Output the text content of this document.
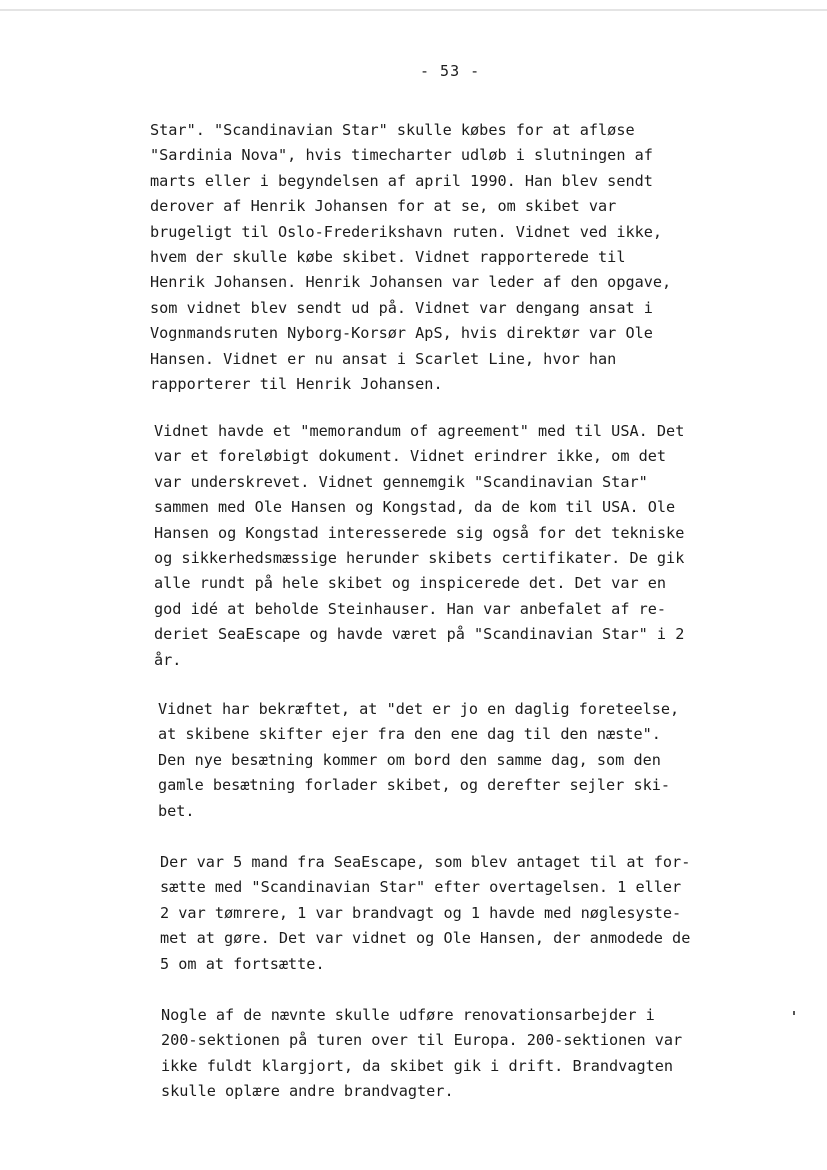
- 53 -
Star". "Scandinavian Star" skulle købes for at afløse
"Sardinia Nova", hvis timecharter udløb i slutningen af
marts eller i begyndelsen af april 1990. Han blev sendt
derover af Henrik Johansen for at se, om skibet var
brugeligt til Oslo-Frederikshavn ruten. Vidnet ved ikke,
hvem der skulle købe skibet. Vidnet rapporterede til
Henrik Johansen. Henrik Johansen var leder af den opgave,
som vidnet blev sendt ud på. Vidnet var dengang ansat i
Vognmandsruten Nyborg-Korsør ApS, hvis direktør var Ole
Hansen. Vidnet er nu ansat i Scarlet Line, hvor han
rapporterer til Henrik Johansen.
Vidnet havde et "memorandum of agreement" med til USA. Det
var et foreløbigt dokument. Vidnet erindrer ikke, om det
var underskrevet. Vidnet gennemgik "Scandinavian Star"
sammen med Ole Hansen og Kongstad, da de kom til USA. Ole
Hansen og Kongstad interesserede sig også for det tekniske
og sikkerhedsmæssige herunder skibets certifikater. De gik
alle rundt på hele skibet og inspicerede det. Det var en
god idé at beholde Steinhauser. Han var anbefalet af re-
deriet SeaEscape og havde været på "Scandinavian Star" i 2
år.
Vidnet har bekræftet, at "det er jo en daglig foreteelse,
at skibene skifter ejer fra den ene dag til den næste".
Den nye besætning kommer om bord den samme dag, som den
gamle besætning forlader skibet, og derefter sejler ski-
bet.
Der var 5 mand fra SeaEscape, som blev antaget til at for-
sætte med "Scandinavian Star" efter overtagelsen. 1 eller
2 var tømrere, 1 var brandvagt og 1 havde med nøglesyste-
met at gøre. Det var vidnet og Ole Hansen, der anmodede de
5 om at fortsætte.
Nogle af de nævnte skulle udføre renovationsarbejder i
200-sektionen på turen over til Europa. 200-sektionen var
ikke fuldt klargjort, da skibet gik i drift. Brandvagten
skulle oplære andre brandvagter.
